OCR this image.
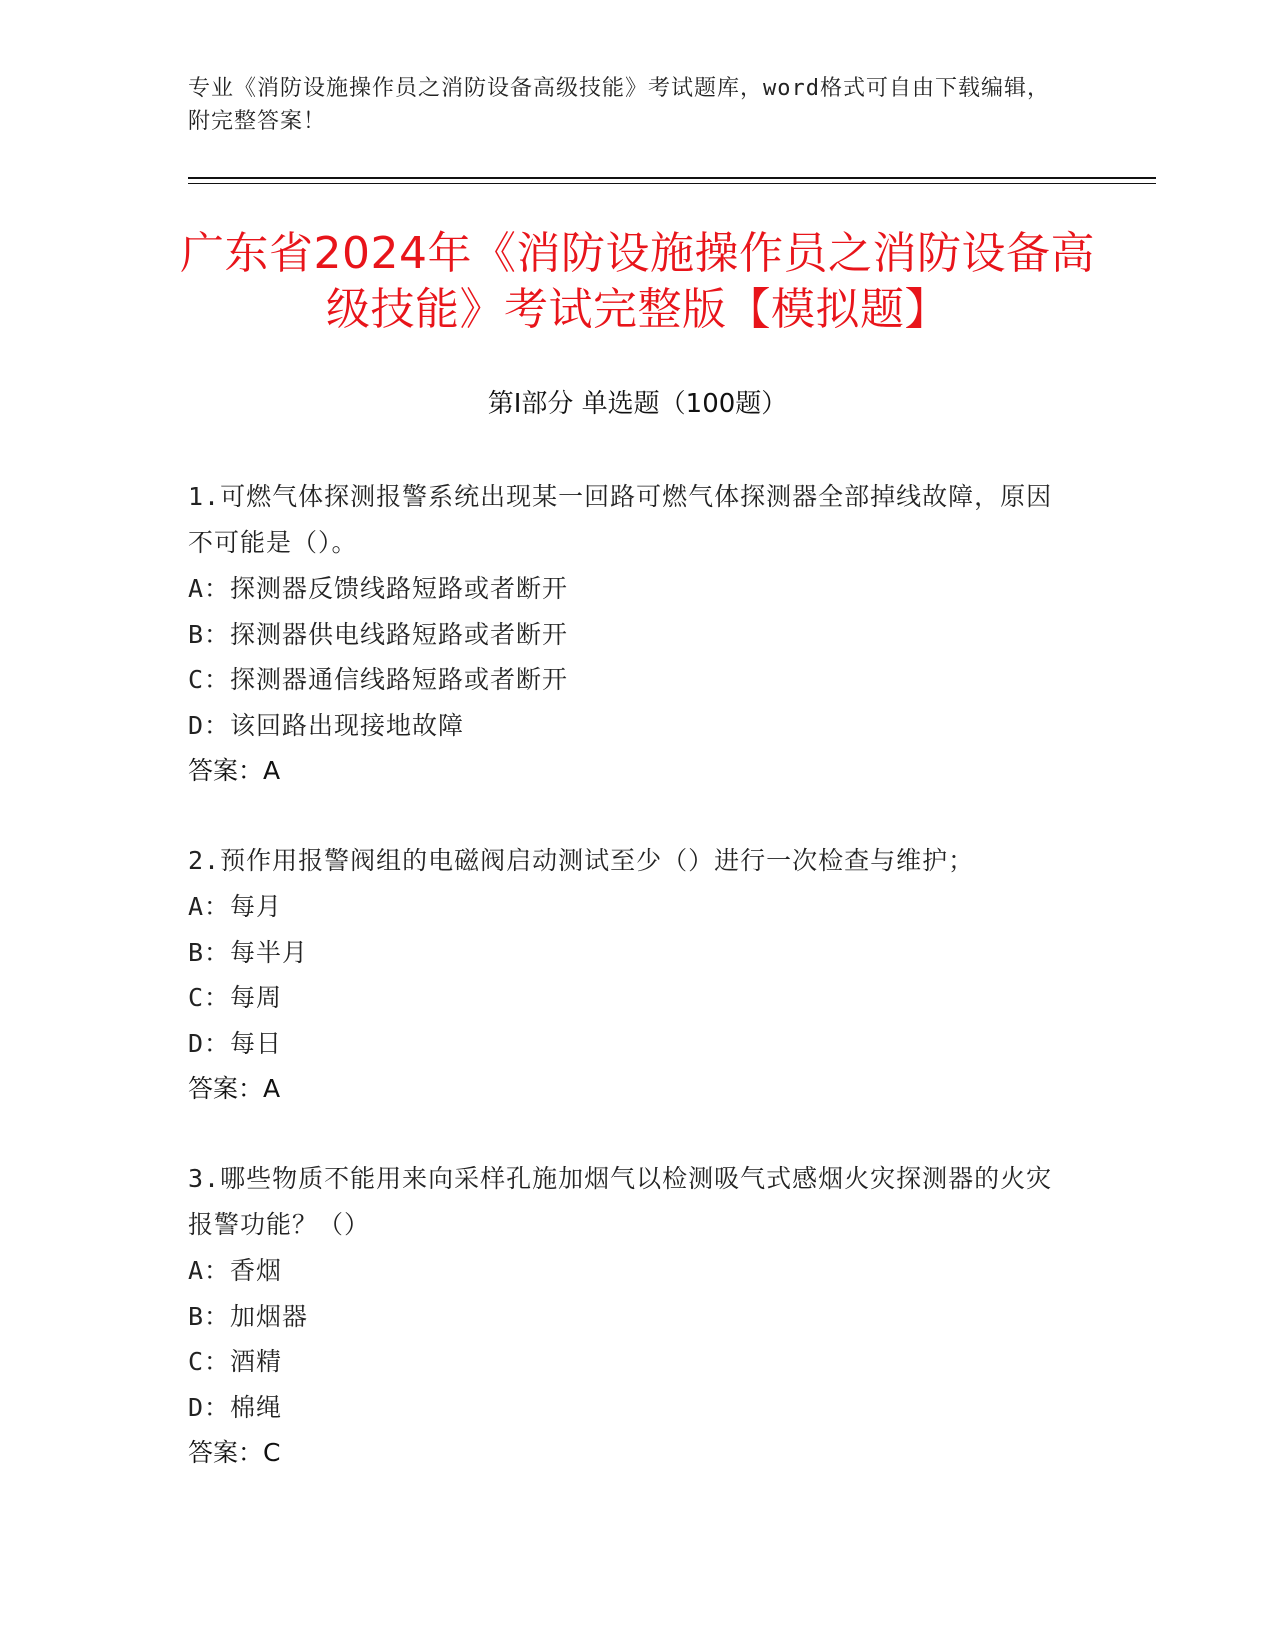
专业《消防设施操作员之消防设备高级技能》考试题库，word格式可自由下载编辑，附完整答案！
广东省2024年《消防设施操作员之消防设备高级技能》考试完整版【模拟题】
第I部分 单选题（100题）
1.可燃气体探测报警系统出现某一回路可燃气体探测器全部掉线故障，原因不可能是（）。
A：探测器反馈线路短路或者断开
B：探测器供电线路短路或者断开
C：探测器通信线路短路或者断开
D：该回路出现接地故障
答案：A
2.预作用报警阀组的电磁阀启动测试至少（）进行一次检查与维护；
A：每月
B：每半月
C：每周
D：每日
答案：A
3.哪些物质不能用来向采样孔施加烟气以检测吸气式感烟火灾探测器的火灾报警功能？（）
A：香烟
B：加烟器
C：酒精
D：棉绳
答案：C
